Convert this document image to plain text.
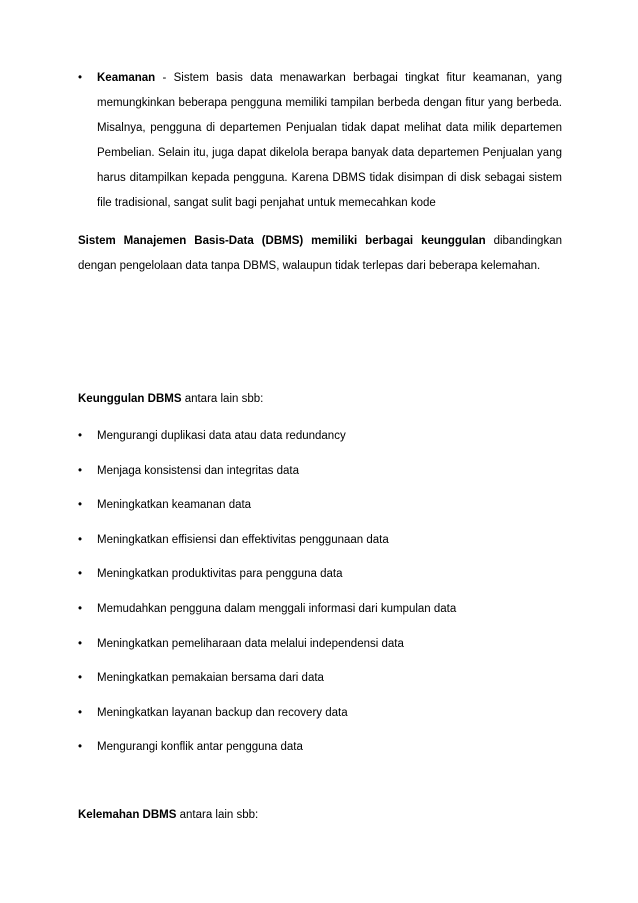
• Keamanan - Sistem basis data menawarkan berbagai tingkat fitur keamanan, yang memungkinkan beberapa pengguna memiliki tampilan berbeda dengan fitur yang berbeda. Misalnya, pengguna di departemen Penjualan tidak dapat melihat data milik departemen Pembelian. Selain itu, juga dapat dikelola berapa banyak data departemen Penjualan yang harus ditampilkan kepada pengguna. Karena DBMS tidak disimpan di disk sebagai sistem file tradisional, sangat sulit bagi penjahat untuk memecahkan kode

Sistem Manajemen Basis-Data (DBMS) memiliki berbagai keunggulan dibandingkan dengan pengelolaan data tanpa DBMS, walaupun tidak terlepas dari beberapa kelemahan.

Keunggulan DBMS antara lain sbb:

• Mengurangi duplikasi data atau data redundancy
• Menjaga konsistensi dan integritas data
• Meningkatkan keamanan data
• Meningkatkan effisiensi dan effektivitas penggunaan data
• Meningkatkan produktivitas para pengguna data
• Memudahkan pengguna dalam menggali informasi dari kumpulan data
• Meningkatkan pemeliharaan data melalui independensi data
• Meningkatkan pemakaian bersama dari data
• Meningkatkan layanan backup dan recovery data
• Mengurangi konflik antar pengguna data

Kelemahan DBMS antara lain sbb:
